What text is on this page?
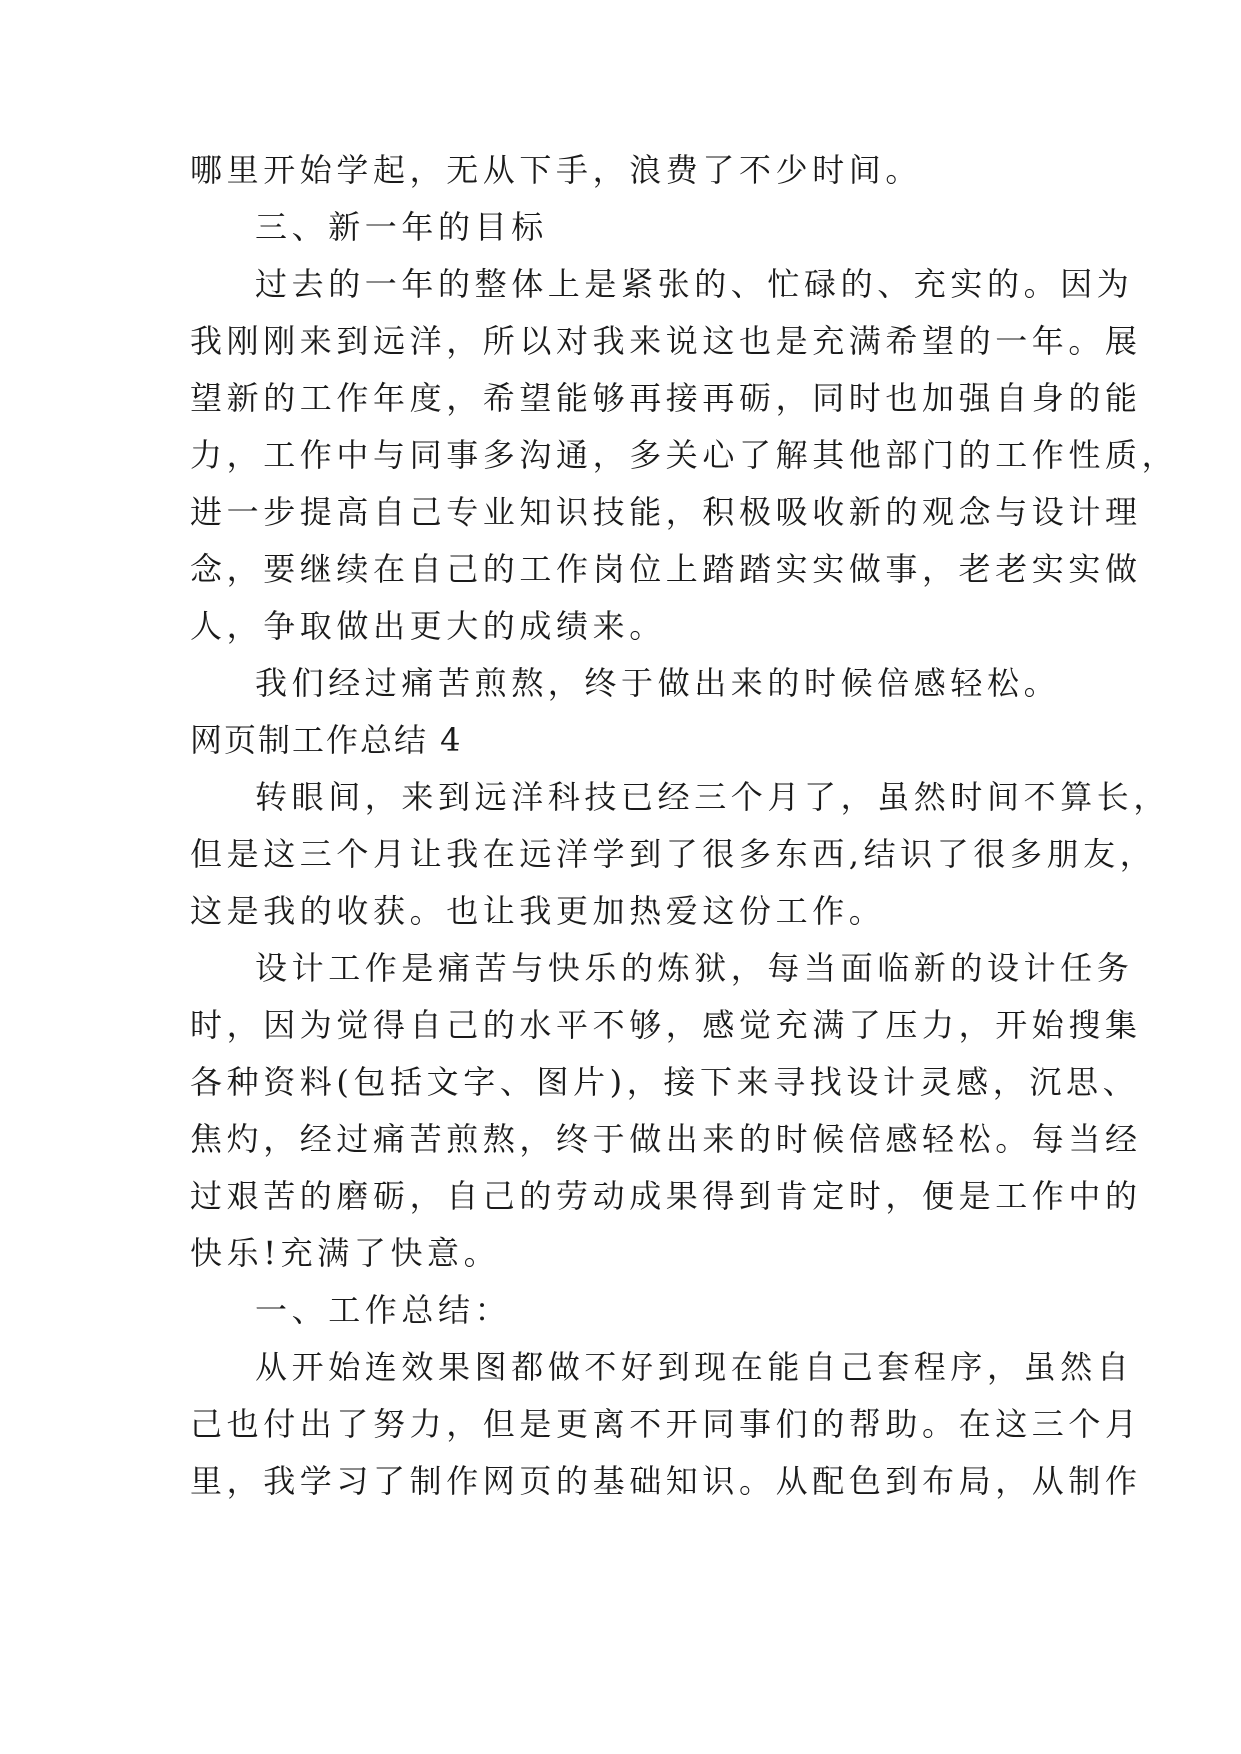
哪里开始学起，无从下手，浪费了不少时间。

三、新一年的目标

过去的一年的整体上是紧张的、忙碌的、充实的。因为

我刚刚来到远洋，所以对我来说这也是充满希望的一年。展

望新的工作年度，希望能够再接再砺，同时也加强自身的能

力，工作中与同事多沟通，多关心了解其他部门的工作性质，

进一步提高自己专业知识技能，积极吸收新的观念与设计理

念，要继续在自己的工作岗位上踏踏实实做事，老老实实做

人，争取做出更大的成绩来。

我们经过痛苦煎熬，终于做出来的时候倍感轻松。

网页制工作总结 4

转眼间，来到远洋科技已经三个月了，虽然时间不算长，

但是这三个月让我在远洋学到了很多东西,结识了很多朋友，

这是我的收获。也让我更加热爱这份工作。

设计工作是痛苦与快乐的炼狱，每当面临新的设计任务

时，因为觉得自己的水平不够，感觉充满了压力，开始搜集

各种资料(包括文字、图片)，接下来寻找设计灵感，沉思、

焦灼，经过痛苦煎熬，终于做出来的时候倍感轻松。每当经

过艰苦的磨砺，自己的劳动成果得到肯定时，便是工作中的

快乐!充满了快意。

一、工作总结：

从开始连效果图都做不好到现在能自己套程序，虽然自

己也付出了努力，但是更离不开同事们的帮助。在这三个月

里，我学习了制作网页的基础知识。从配色到布局，从制作
